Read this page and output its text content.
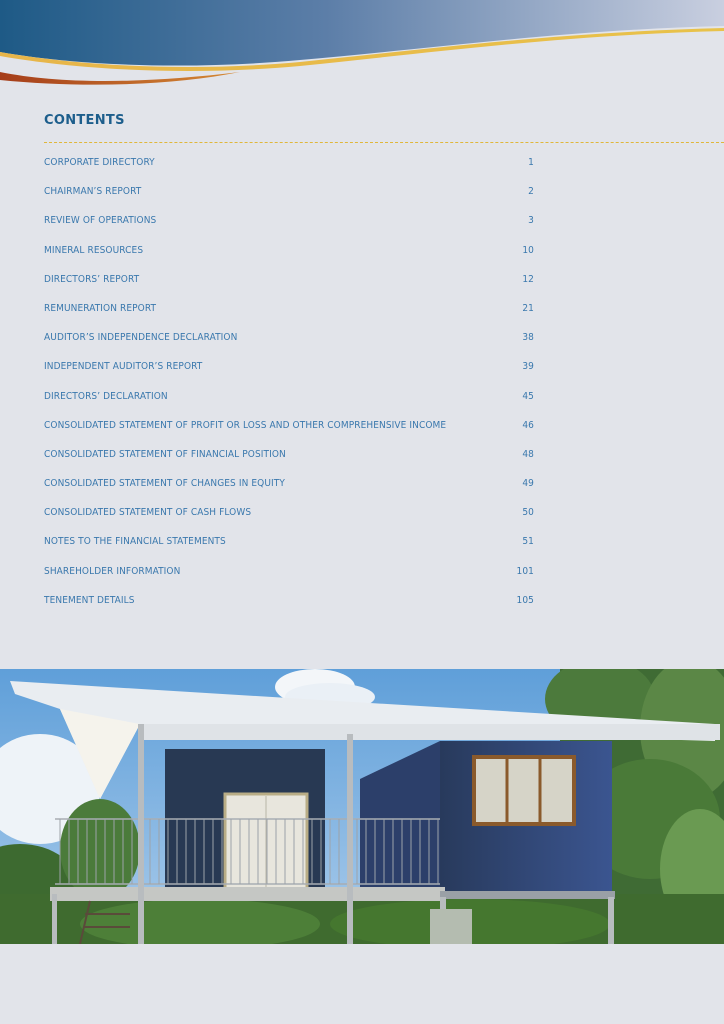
CONTENTS
CORPORATE DIRECTORY	1
CHAIRMAN’S REPORT	2
REVIEW OF OPERATIONS	3
MINERAL RESOURCES	10
DIRECTORS’ REPORT	12
REMUNERATION REPORT	21
AUDITOR’S INDEPENDENCE DECLARATION	38
INDEPENDENT AUDITOR’S REPORT	39
DIRECTORS’ DECLARATION	45
CONSOLIDATED STATEMENT OF PROFIT OR LOSS AND OTHER COMPREHENSIVE INCOME	46
CONSOLIDATED STATEMENT OF FINANCIAL POSITION	48
CONSOLIDATED STATEMENT OF CHANGES IN EQUITY	49
CONSOLIDATED STATEMENT OF CASH FLOWS	50
NOTES TO THE FINANCIAL STATEMENTS	51
SHAREHOLDER INFORMATION	101
TENEMENT DETAILS	105
